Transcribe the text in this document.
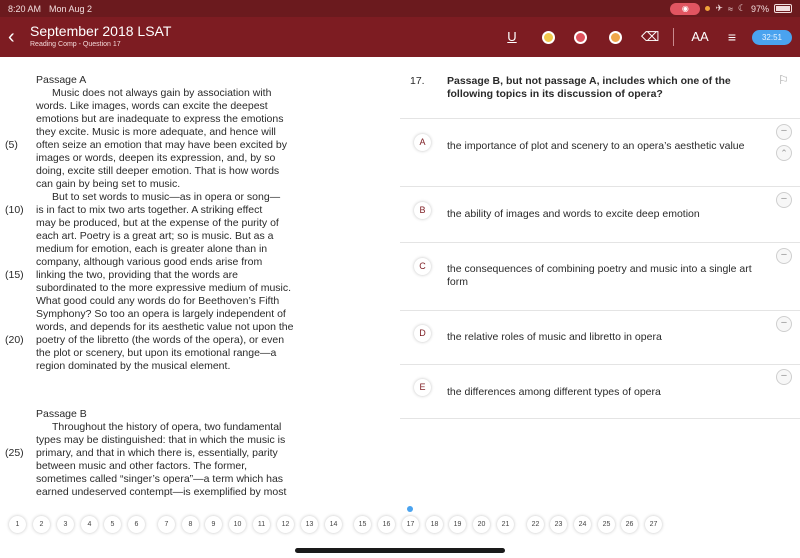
8:20 AM Mon Aug 2	◉	✈ ≈ ☾ 97%
‹	September 2018 LSAT
Reading Comp - Question 17
U	⌫ AA	≡	32:51
Passage A
Music does not always gain by association with
words. Like images, words can excite the deepest
emotions but are inadequate to express the emotions
they excite. Music is more adequate, and hence will
(5) often seize an emotion that may have been excited by
images or words, deepen its expression, and, by so
doing, excite still deeper emotion. That is how words
can gain by being set to music.
But to set words to music—as in opera or song—
(10) is in fact to mix two arts together. A striking effect
may be produced, but at the expense of the purity of
each art. Poetry is a great art; so is music. But as a
medium for emotion, each is greater alone than in
company, although various good ends arise from
(15) linking the two, providing that the words are
subordinated to the more expressive medium of music.
What good could any words do for Beethoven’s Fifth
Symphony? So too an opera is largely independent of
words, and depends for its aesthetic value not upon the
(20) poetry of the libretto (the words of the opera), or even
the plot or scenery, but upon its emotional range—a
region dominated by the musical element.
Passage B
Throughout the history of opera, two fundamental
types may be distinguished: that in which the music is
(25) primary, and that in which there is, essentially, parity
between music and other factors. The former,
sometimes called “singer’s opera”—a term which has
earned undeserved contempt—is exemplified by most
17. Passage B, but not passage A, includes which one of the following topics in its discussion of opera?
⚐
−
⌃
A	the importance of plot and scenery to an opera’s aesthetic value
−
B	the ability of images and words to excite deep emotion
−
C	the consequences of combining poetry and music into a single art form
−
D	the relative roles of music and libretto in opera
−
E	the differences among different types of opera
1	2	3	4	5	6	7	8	9	10	11	12	13	14	15	16	17	18	19	20	21	22	23	24	25	26	27
